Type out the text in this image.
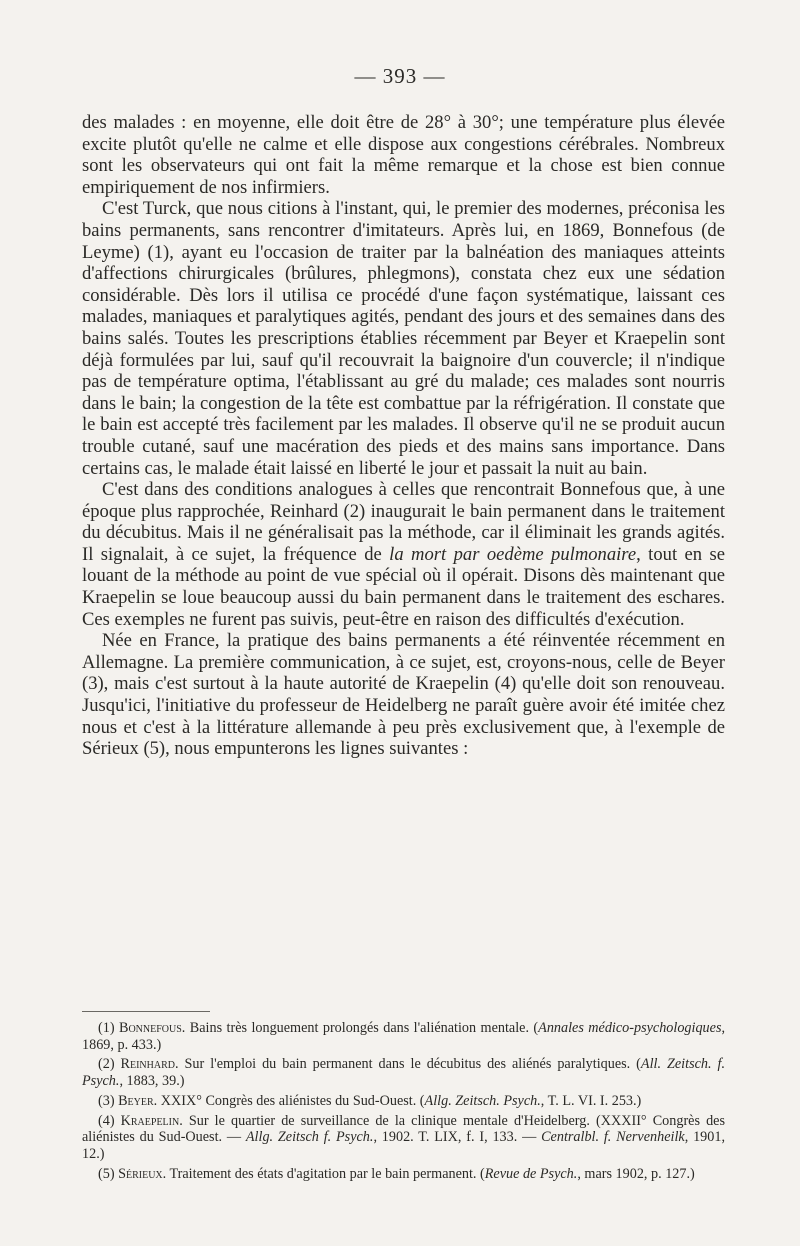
— 393 —

des malades : en moyenne, elle doit être de 28° à 30°; une température plus élevée excite plutôt qu'elle ne calme et elle dispose aux congestions cérébrales. Nombreux sont les observateurs qui ont fait la même remarque et la chose est bien connue empiriquement de nos infirmiers.

C'est Turck, que nous citions à l'instant, qui, le premier des modernes, préconisa les bains permanents, sans rencontrer d'imitateurs. Après lui, en 1869, Bonnefous (de Leyme) (1), ayant eu l'occasion de traiter par la balnéation des maniaques atteints d'affections chirurgicales (brûlures, phlegmons), constata chez eux une sédation considérable. Dès lors il utilisa ce procédé d'une façon systématique, laissant ces malades, maniaques et paralytiques agités, pendant des jours et des semaines dans des bains salés. Toutes les prescriptions établies récemment par Beyer et Kraepelin sont déjà formulées par lui, sauf qu'il recouvrait la baignoire d'un couvercle; il n'indique pas de température optima, l'établissant au gré du malade; ces malades sont nourris dans le bain; la congestion de la tête est combattue par la réfrigération. Il constate que le bain est accepté très facilement par les malades. Il observe qu'il ne se produit aucun trouble cutané, sauf une macération des pieds et des mains sans importance. Dans certains cas, le malade était laissé en liberté le jour et passait la nuit au bain.

C'est dans des conditions analogues à celles que rencontrait Bonnefous que, à une époque plus rapprochée, Reinhard (2) inaugurait le bain permanent dans le traitement du décubitus. Mais il ne généralisait pas la méthode, car il éliminait les grands agités. Il signalait, à ce sujet, la fréquence de la mort par oedème pulmonaire, tout en se louant de la méthode au point de vue spécial où il opérait. Disons dès maintenant que Kraepelin se loue beaucoup aussi du bain permanent dans le traitement des eschares. Ces exemples ne furent pas suivis, peut-être en raison des difficultés d'exécution.

Née en France, la pratique des bains permanents a été réinventée récemment en Allemagne. La première communication, à ce sujet, est, croyons-nous, celle de Beyer (3), mais c'est surtout à la haute autorité de Kraepelin (4) qu'elle doit son renouveau. Jusqu'ici, l'initiative du professeur de Heidelberg ne paraît guère avoir été imitée chez nous et c'est à la littérature allemande à peu près exclusivement que, à l'exemple de Sérieux (5), nous empunterons les lignes suivantes :

(1) Bonnefous. Bains très longuement prolongés dans l'aliénation mentale. (Annales médico-psychologiques, 1869, p. 433.)

(2) Reinhard. Sur l'emploi du bain permanent dans le décubitus des aliénés paralytiques. (All. Zeitsch. f. Psych., 1883, 39.)

(3) Beyer. XXIX° Congrès des aliénistes du Sud-Ouest. (Allg. Zeitsch. Psych., T. L. VI. I. 253.)

(4) Kraepelin. Sur le quartier de surveillance de la clinique mentale d'Heidelberg. (XXXII° Congrès des aliénistes du Sud-Ouest. — Allg. Zeitsch f. Psych., 1902. T. LIX, f. I, 133. — Centralbl. f. Nervenheilk, 1901, 12.)

(5) Sérieux. Traitement des états d'agitation par le bain permanent. (Revue de Psych., mars 1902, p. 127.)
